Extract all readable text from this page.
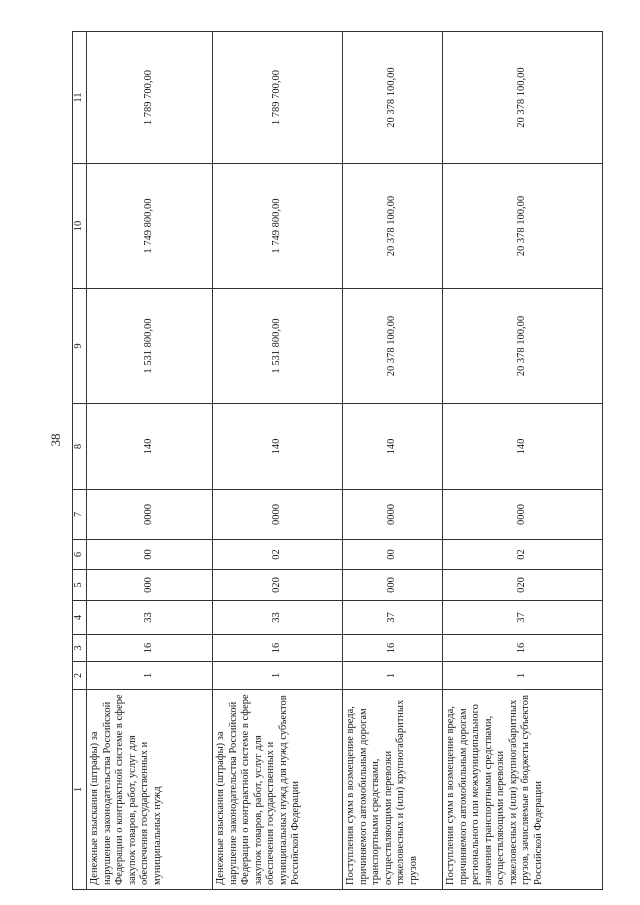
38
1	2	3	4	5	6	7	8	9	10	11
Денежные взыскания (штрафы) за нарушение законодательства Российской Федерации о контрактной системе в сфере закупок товаров, работ, услуг для обеспечения государственных и муниципальных нужд	1	16	33	000	00	0000	140	1 531 800,00	1 749 800,00	1 789 700,00
Денежные взыскания (штрафы) за нарушение законодательства Российской Федерации о контрактной системе в сфере закупок товаров, работ, услуг для обеспечения государственных и муниципальных нужд для нужд субъектов Российской Федерации	1	16	33	020	02	0000	140	1 531 800,00	1 749 800,00	1 789 700,00
Поступления сумм в возмещение вреда, причиняемого автомобильным дорогам транспортными средствами, осуществляющими перевозки тяжеловесных и (или) крупногабаритных грузов	1	16	37	000	00	0000	140	20 378 100,00	20 378 100,00	20 378 100,00
Поступления сумм в возмещение вреда, причиняемого автомобильным дорогам регионального или межмуниципального значения транспортными средствами, осуществляющими перевозки тяжеловесных и (или) крупногабаритных грузов, зачисляемые в бюджеты субъектов Российской Федерации	1	16	37	020	02	0000	140	20 378 100,00	20 378 100,00	20 378 100,00
